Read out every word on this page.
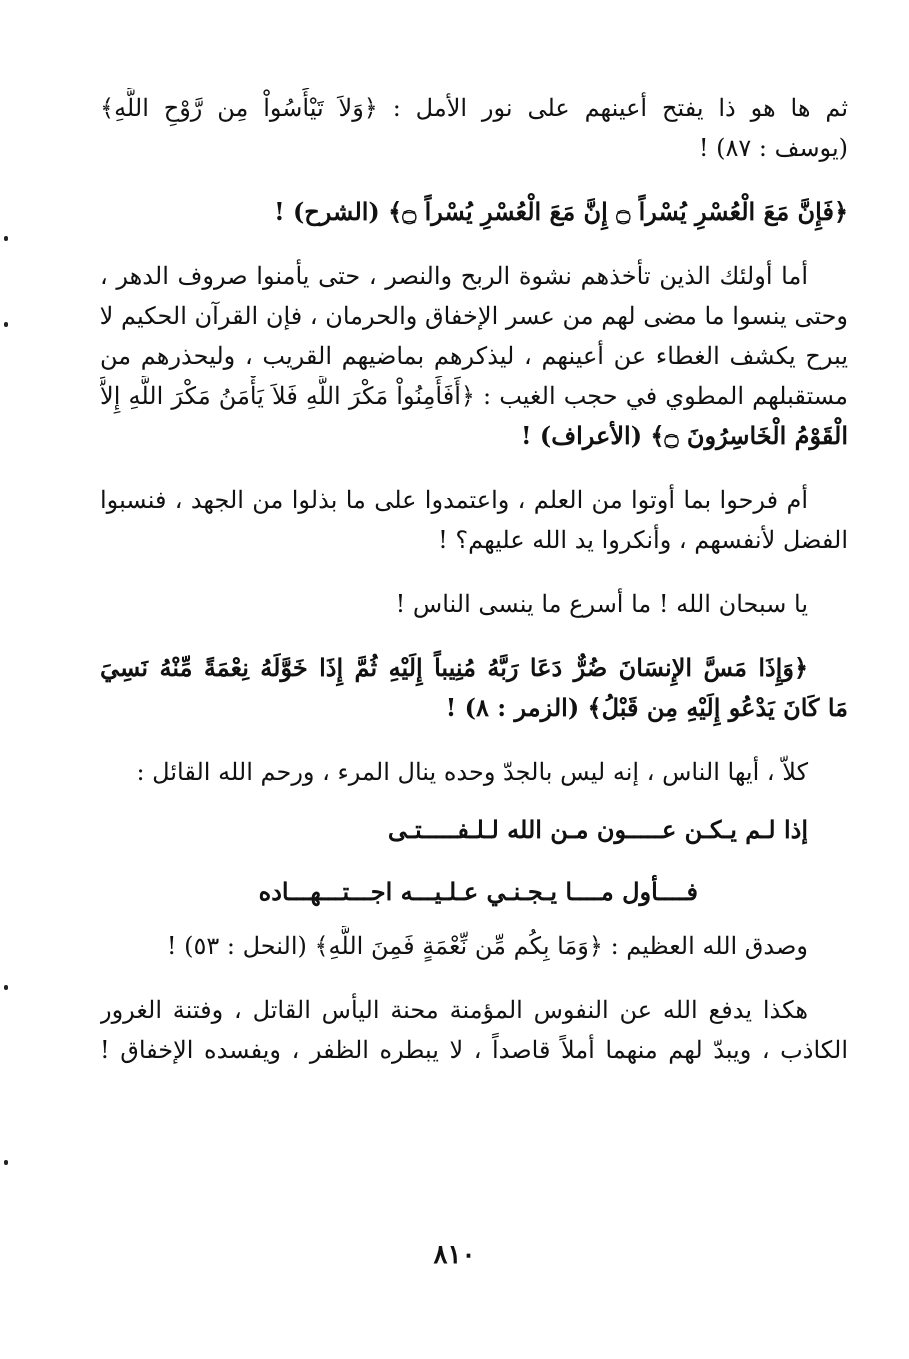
ثم ها هو ذا يفتح أعينهم على نور الأمل : ﴿وَلاَ تَيْأَسُواْ مِن رَّوْحِ اللَّهِ﴾
(يوسف : ٨٧) !
﴿فَإِنَّ مَعَ الْعُسْرِ يُسْراً ۝ إِنَّ مَعَ الْعُسْرِ يُسْراً ۝﴾ (الشرح) !
أما أولئك الذين تأخذهم نشوة الربح والنصر ، حتى يأمنوا صروف الدهر ،
وحتى ينسوا ما مضى لهم من عسر الإخفاق والحرمان ، فإن القرآن الحكيم لا
يبرح يكشف الغطاء عن أعينهم ، ليذكرهم بماضيهم القريب ، وليحذرهم من
مستقبلهم المطوي في حجب الغيب : ﴿أَفَأَمِنُواْ مَكْرَ اللَّهِ فَلاَ يَأْمَنُ مَكْرَ اللَّهِ إِلاَّ
الْقَوْمُ الْخَاسِرُونَ ۝﴾ (الأعراف) !
أم فرحوا بما أوتوا من العلم ، واعتمدوا على ما بذلوا من الجهد ، فنسبوا
الفضل لأنفسهم ، وأنكروا يد الله عليهم؟ !
يا سبحان الله ! ما أسرع ما ينسى الناس !
﴿وَإِذَا مَسَّ الإِنسَانَ ضُرٌّ دَعَا رَبَّهُ مُنِيباً إِلَيْهِ ثُمَّ إِذَا خَوَّلَهُ نِعْمَةً مِّنْهُ نَسِيَ
مَا كَانَ يَدْعُو إِلَيْهِ مِن قَبْلُ﴾ (الزمر : ٨) !
كلاّ ، أيها الناس ، إنه ليس بالجدّ وحده ينال المرء ، ورحم الله القائل :
إذا لـم يـكـن عـــــون مـن الله لـلـفـــــتـى
فــــأول مــــا يـجـنـي عـلـيـــه اجـــتـــهـــاده
وصدق الله العظيم : ﴿وَمَا بِكُم مِّن نِّعْمَةٍ فَمِنَ اللَّهِ﴾ (النحل : ٥٣) !
هكذا يدفع الله عن النفوس المؤمنة محنة اليأس القاتل ، وفتنة الغرور
الكاذب ، ويبدّ لهم منهما أملاً قاصداً ، لا يبطره الظفر ، ويفسده الإخفاق !
٨١٠
